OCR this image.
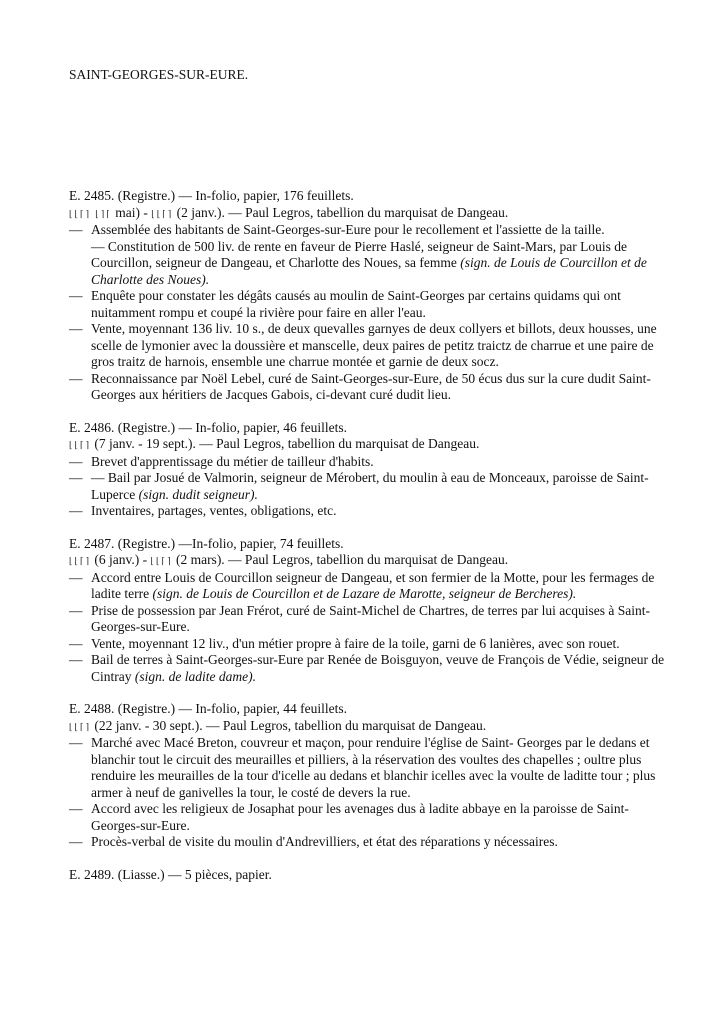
SAINT-GEORGES-SUR-EURE.
E. 2485. (Registre.) — In-folio, papier, 176 feuillets.
⌊⌊⌈⌉ ⌊⌉⌈ mai) - ⌊⌊⌈⌉ (2 janv.). — Paul Legros, tabellion du marquisat de Dangeau.
— Assemblée des habitants de Saint-Georges-sur-Eure pour le recollement et l'assiette de la taille.
— Constitution de 500 liv. de rente en faveur de Pierre Haslé, seigneur de Saint-Mars, par Louis de Courcillon, seigneur de Dangeau, et Charlotte des Noues, sa femme (sign. de Louis de Courcillon et de Charlotte des Noues).
— Enquête pour constater les dégâts causés au moulin de Saint-Georges par certains quidams qui ont nuitamment rompu et coupé la rivière pour faire en aller l'eau.
— Vente, moyennant 136 liv. 10 s., de deux quevalles garnyes de deux collyers et billots, deux housses, une scelle de lymonier avec la doussière et manscelle, deux paires de petitz traictz de charrue et une paire de gros traitz de harnois, ensemble une charrue montée et garnie de deux socz.
— Reconnaissance par Noël Lebel, curé de Saint-Georges-sur-Eure, de 50 écus dus sur la cure dudit Saint-Georges aux héritiers de Jacques Gabois, ci-devant curé dudit lieu.
E. 2486. (Registre.) — In-folio, papier, 46 feuillets.
⌊⌊⌈⌉ (7 janv. - 19 sept.). — Paul Legros, tabellion du marquisat de Dangeau.
— Brevet d'apprentissage du métier de tailleur d'habits.
— — Bail par Josué de Valmorin, seigneur de Mérobert, du moulin à eau de Monceaux, paroisse de Saint-Luperce (sign. dudit seigneur).
— Inventaires, partages, ventes, obligations, etc.
E. 2487. (Registre.) —In-folio, papier, 74 feuillets.
⌊⌊⌈⌉ (6 janv.) - ⌊⌊⌈⌉ (2 mars). — Paul Legros, tabellion du marquisat de Dangeau.
— Accord entre Louis de Courcillon seigneur de Dangeau, et son fermier de la Motte, pour les fermages de ladite terre (sign. de Louis de Courcillon et de Lazare de Marotte, seigneur de Bercheres).
— Prise de possession par Jean Frérot, curé de Saint-Michel de Chartres, de terres par lui acquises à Saint-Georges-sur-Eure.
— Vente, moyennant 12 liv., d'un métier propre à faire de la toile, garni de 6 lanières, avec son rouet.
— Bail de terres à Saint-Georges-sur-Eure par Renée de Boisguyon, veuve de François de Védie, seigneur de Cintray (sign. de ladite dame).
E. 2488. (Registre.) — In-folio, papier, 44 feuillets.
⌊⌊⌈⌉ (22 janv. - 30 sept.). — Paul Legros, tabellion du marquisat de Dangeau.
— Marché avec Macé Breton, couvreur et maçon, pour renduire l'église de Saint- Georges par le dedans et blanchir tout le circuit des meurailles et pilliers, à la réservation des voultes des chapelles ; oultre plus renduire les meurailles de la tour d'icelle au dedans et blanchir icelles avec la voulte de laditte tour ; plus armer à neuf de ganivelles la tour, le costé de devers la rue.
— Accord avec les religieux de Josaphat pour les avenages dus à ladite abbaye en la paroisse de Saint-Georges-sur-Eure.
— Procès-verbal de visite du moulin d'Andrevilliers, et état des réparations y nécessaires.
E. 2489. (Liasse.) — 5 pièces, papier.
